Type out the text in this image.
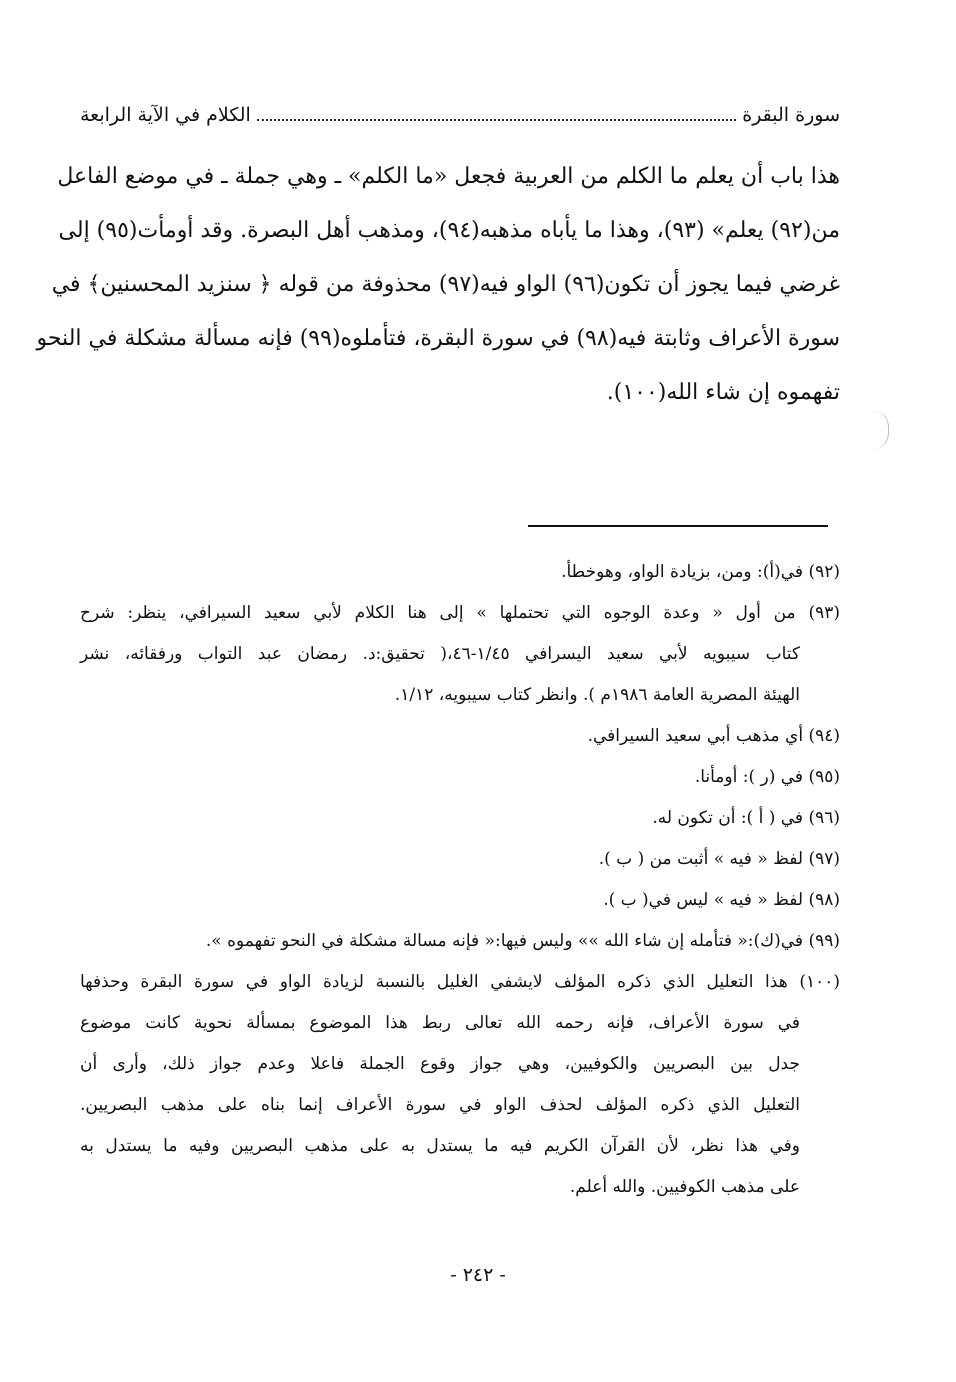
سورة البقرة
الكلام في الآية الرابعة
هذا باب أن يعلم ما الكلم من العربية فجعل «ما الكلم» ـ وهي جملة ـ في موضع الفاعل
من(٩٢) يعلم» (٩٣)، وهذا ما يأباه مذهبه(٩٤)، ومذهب أهل البصرة. وقد أومأت(٩٥) إلى
غرضي فيما يجوز أن تكون(٩٦) الواو فيه(٩٧) محذوفة من قوله ﴿ سنزيد المحسنين﴾ في
سورة الأعراف وثابتة فيه(٩٨) في سورة البقرة، فتأملوه(٩٩) فإنه مسألة مشكلة في النحو
تفهموه إن شاء الله(١٠٠).
(٩٢) في(أ): ومن، بزيادة الواو، وهوخطأ.
(٩٣) من أول « وعدة الوجوه التي تحتملها » إلى هنا الكلام لأبي سعيد السيرافي، ينظر: شرح
كتاب سيبويه لأبي سعيد اليسرافي ١/٤٥-٤٦،( تحقيق:د. رمضان عبد التواب ورفقائه، نشر
الهيئة المصرية العامة ١٩٨٦م ). وانظر كتاب سيبويه، ١/١٢.
(٩٤) أي مذهب أبي سعيد السيرافي.
(٩٥) في (ر ): أومأنا.
(٩٦) في ( أ ): أن تكون له.
(٩٧) لفظ « فيه » أثبت من ( ب ).
(٩٨) لفظ « فيه » ليس في( ب ).
(٩٩) في(ك):« فتأمله إن شاء الله »» وليس فيها:« فإنه مسالة مشكلة في النحو تفهموه ».
(١٠٠) هذا التعليل الذي ذكره المؤلف لايشفي الغليل بالنسبة لزيادة الواو في سورة البقرة وحذفها
في سورة الأعراف، فإنه رحمه الله تعالى ربط هذا الموضوع بمسألة نحوية كانت موضوع
جدل بين البصريين والكوفيين، وهي جواز وقوع الجملة فاعلا وعدم جواز ذلك، وأرى أن
التعليل الذي ذكره المؤلف لحذف الواو في سورة الأعراف إنما بناه على مذهب البصريين.
وفي هذا نظر، لأن القرآن الكريم فيه ما يستدل به على مذهب البصريين وفيه ما يستدل به
على مذهب الكوفيين. والله أعلم.
- ٢٤٢ -
